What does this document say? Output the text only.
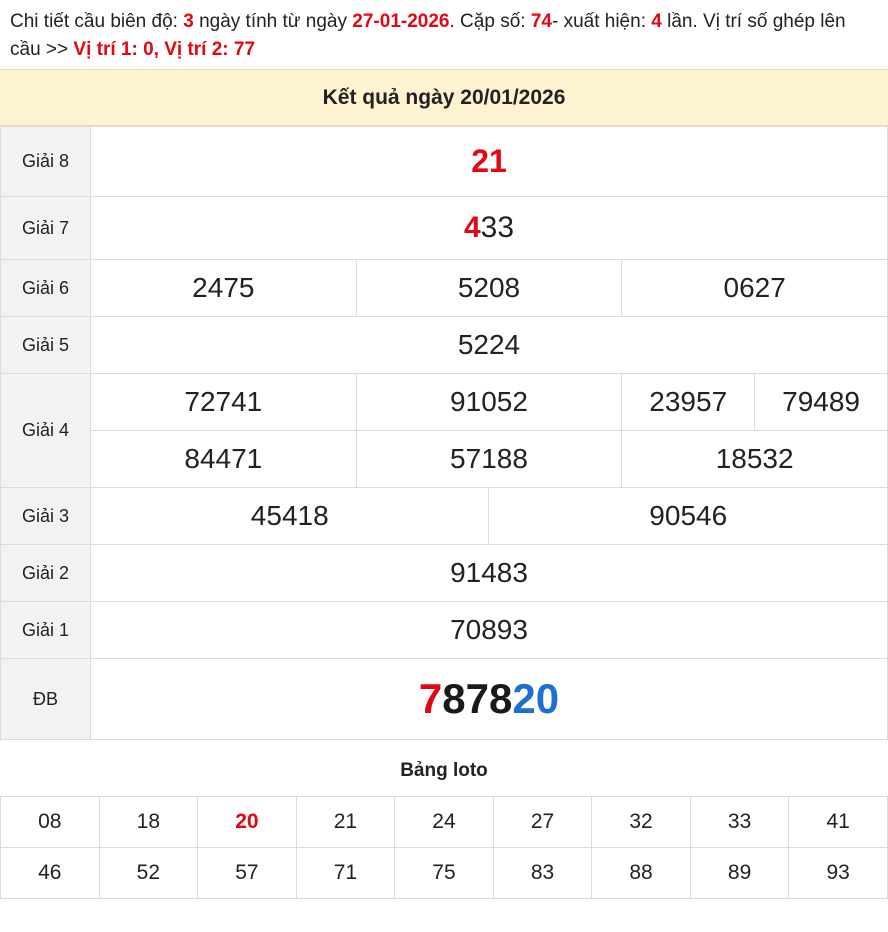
Chi tiết cầu biên độ: 3 ngày tính từ ngày 27-01-2026. Cặp số: 74- xuất hiện: 4 lần. Vị trí số ghép lên cầu >> Vị trí 1: 0, Vị trí 2: 77
Kết quả ngày 20/01/2026
Giải 8	21				
Giải 7	433				
Giải 6	2475	5208		0627	
Giải 5	5224				
Giải 4	72741	91052		23957	79489
	84471	57188		18532	
Giải 3	45418		90546		
Giải 2	91483				
Giải 1	70893				
ĐB	787820				
Bảng loto
08	18	20	21	24	27	32	33	41
46	52	57	71	75	83	88	89	93
